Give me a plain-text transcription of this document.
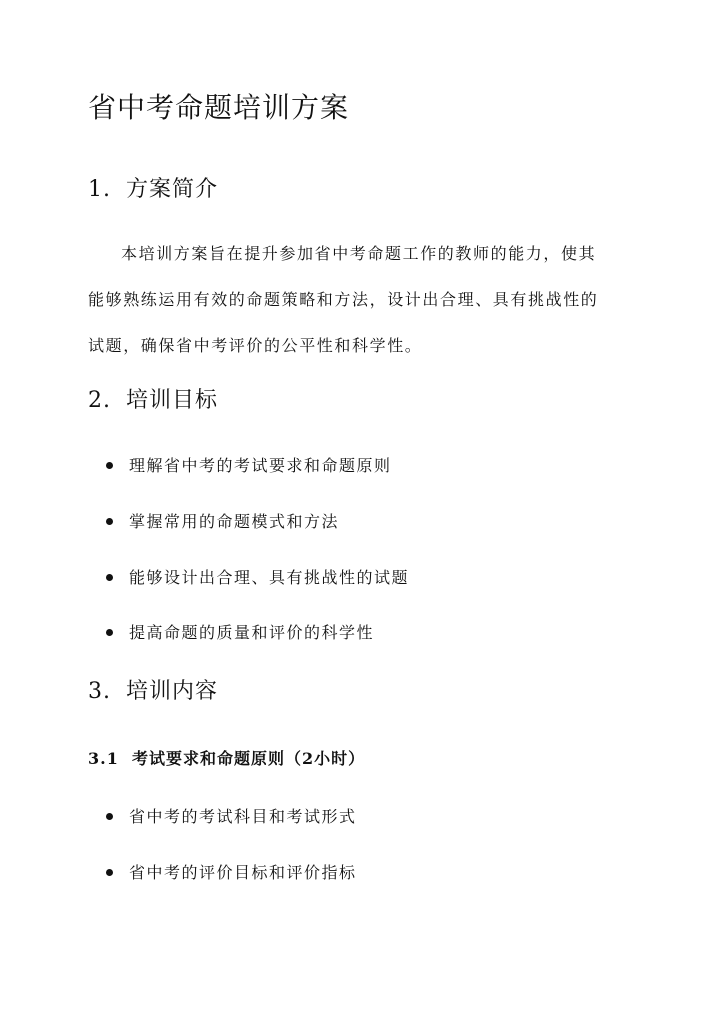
省中考命题培训方案
1. 方案简介
本培训方案旨在提升参加省中考命题工作的教师的能力，使其
能够熟练运用有效的命题策略和方法，设计出合理、具有挑战性的
试题，确保省中考评价的公平性和科学性。
2. 培训目标
理解省中考的考试要求和命题原则
掌握常用的命题模式和方法
能够设计出合理、具有挑战性的试题
提高命题的质量和评价的科学性
3. 培训内容
3.1 考试要求和命题原则（2小时）
省中考的考试科目和考试形式
省中考的评价目标和评价指标
